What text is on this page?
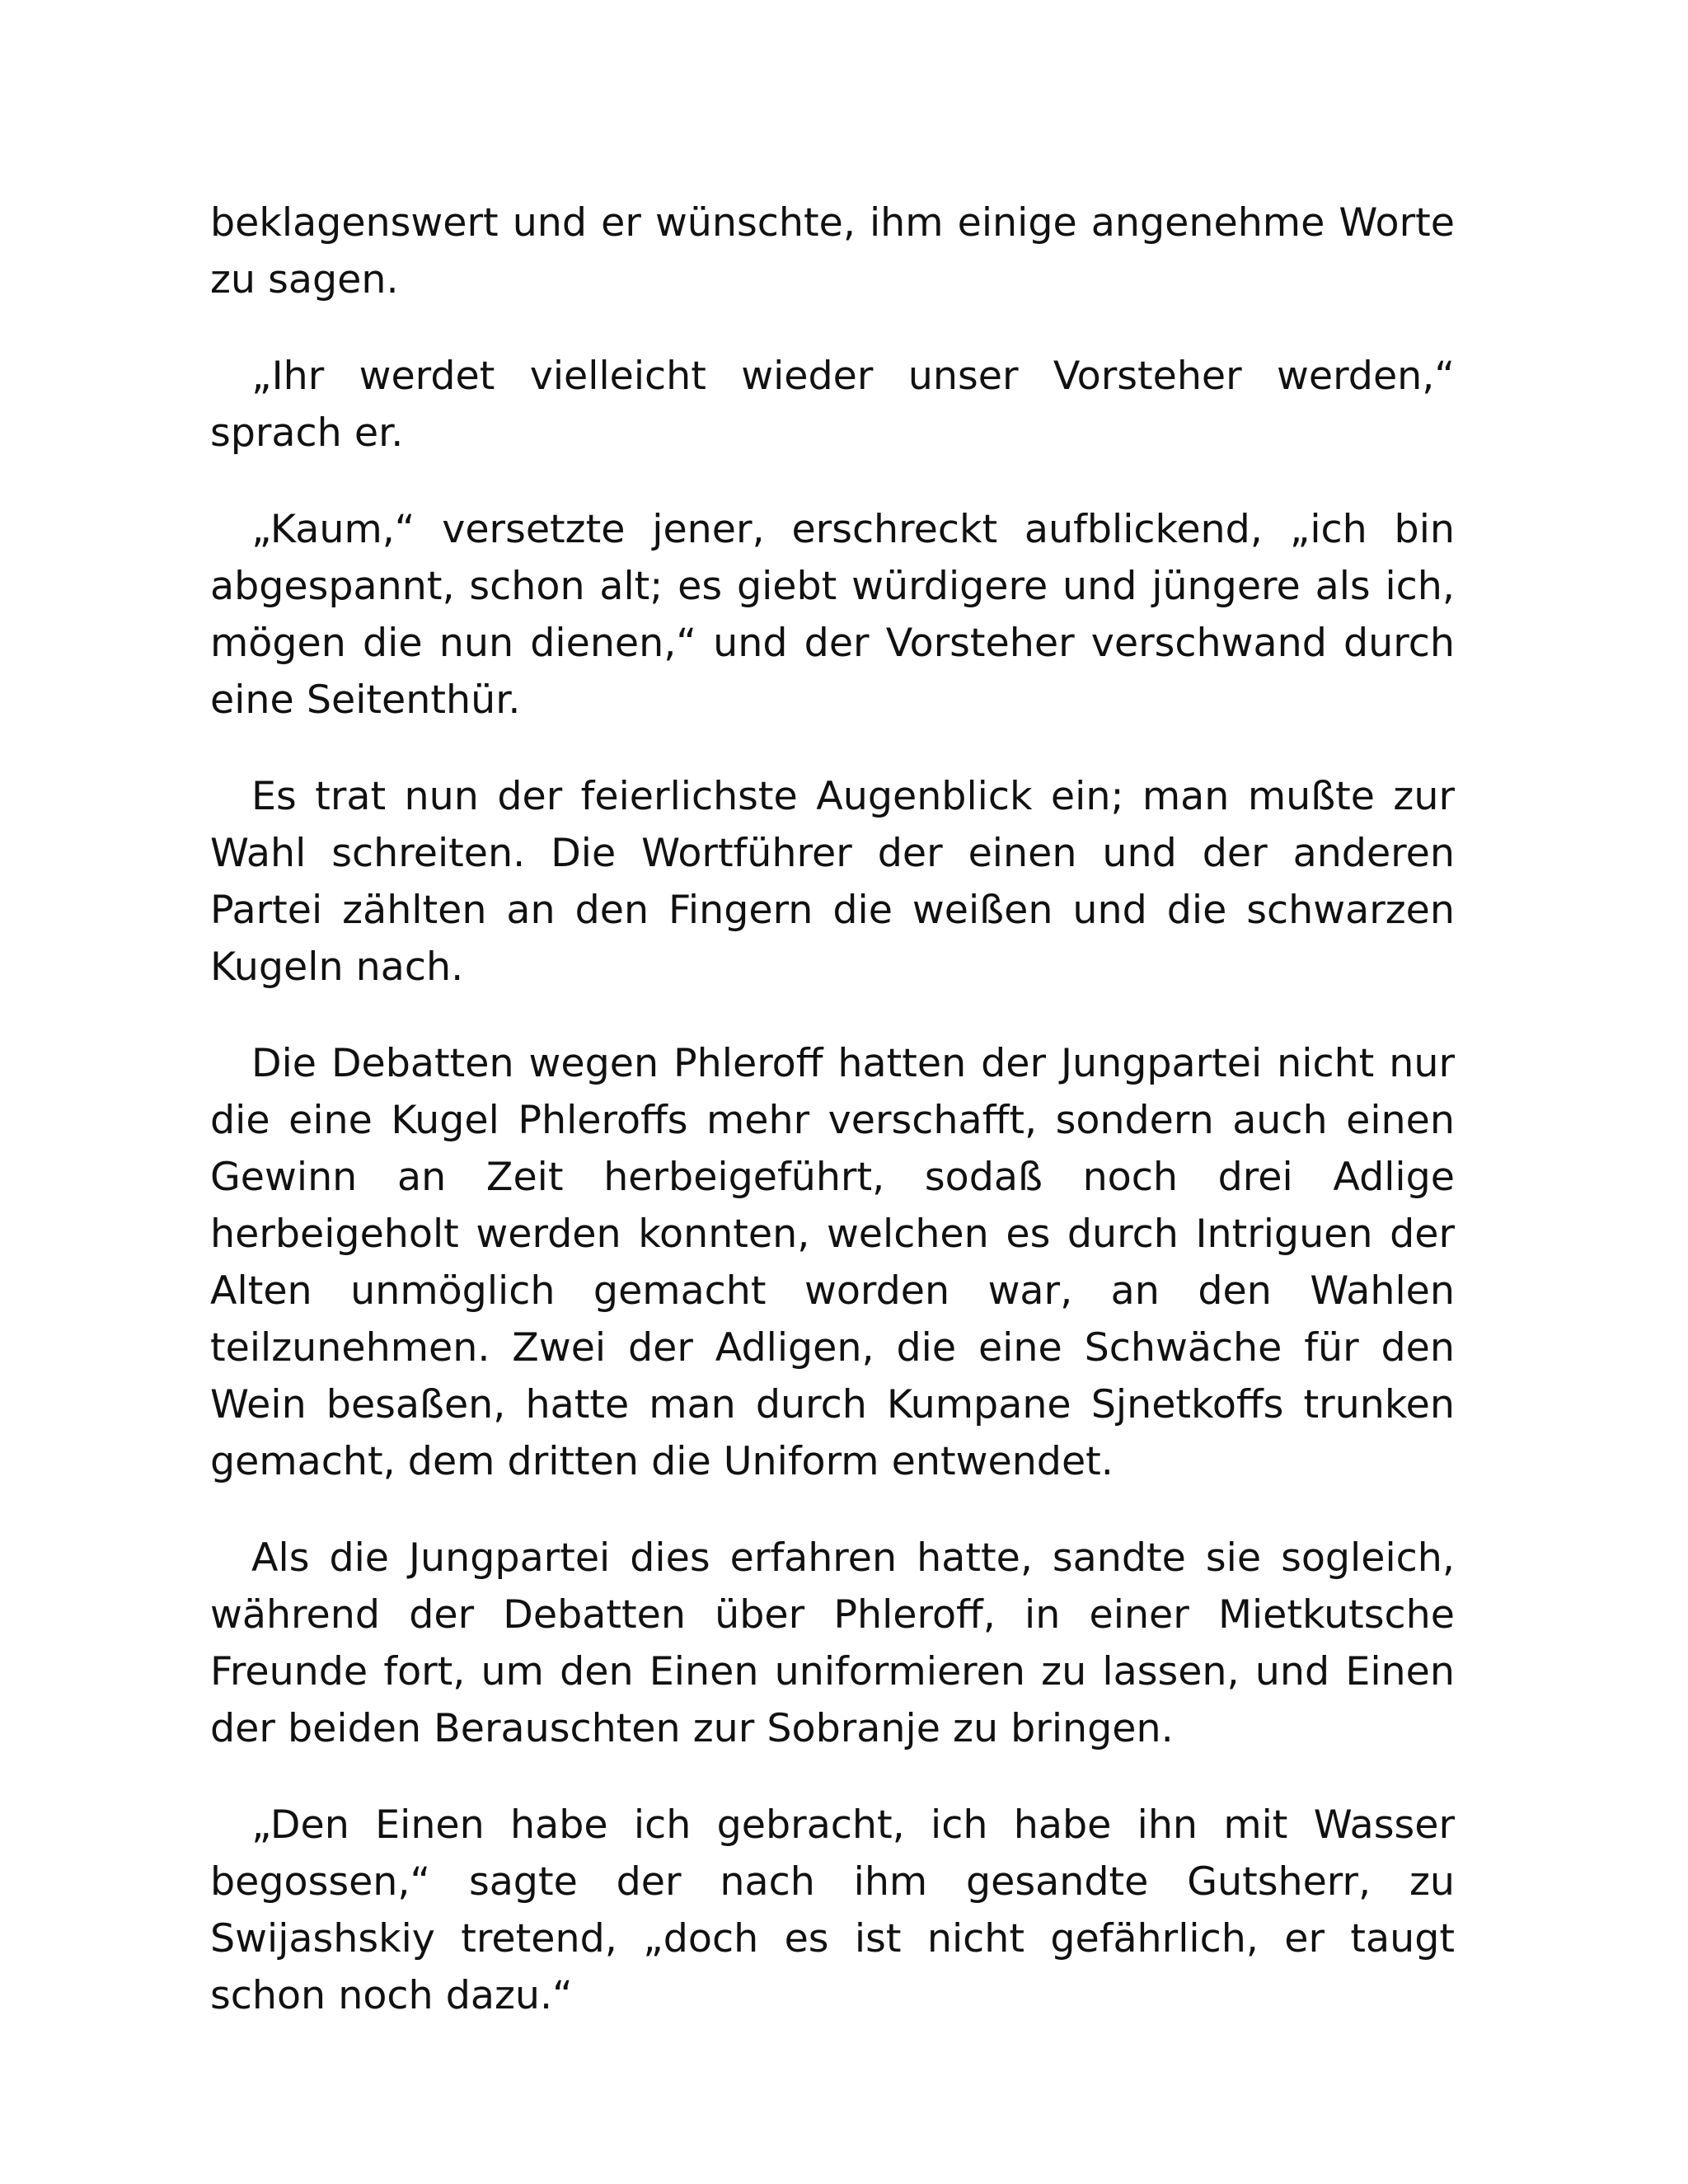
beklagenswert und er wünschte, ihm einige angenehme Worte zu sagen.

„Ihr werdet vielleicht wieder unser Vorsteher werden,“ sprach er.

„Kaum,“ versetzte jener, erschreckt aufblickend, „ich bin abgespannt, schon alt; es giebt würdigere und jüngere als ich, mögen die nun dienen,“ und der Vorsteher verschwand durch eine Seitenthür.

Es trat nun der feierlichste Augenblick ein; man mußte zur Wahl schreiten. Die Wortführer der einen und der anderen Partei zählten an den Fingern die weißen und die schwarzen Kugeln nach.

Die Debatten wegen Phleroff hatten der Jungpartei nicht nur die eine Kugel Phleroffs mehr verschafft, sondern auch einen Gewinn an Zeit herbeigeführt, sodaß noch drei Adlige herbeigeholt werden konnten, welchen es durch Intriguen der Alten unmöglich gemacht worden war, an den Wahlen teilzunehmen. Zwei der Adligen, die eine Schwäche für den Wein besaßen, hatte man durch Kumpane Sjnetkoffs trunken gemacht, dem dritten die Uniform entwendet.

Als die Jungpartei dies erfahren hatte, sandte sie sogleich, während der Debatten über Phleroff, in einer Mietkutsche Freunde fort, um den Einen uniformieren zu lassen, und Einen der beiden Berauschten zur Sobranje zu bringen.

„Den Einen habe ich gebracht, ich habe ihn mit Wasser begossen,“ sagte der nach ihm gesandte Gutsherr, zu Swijashskiy tretend, „doch es ist nicht gefährlich, er taugt schon noch dazu.“
